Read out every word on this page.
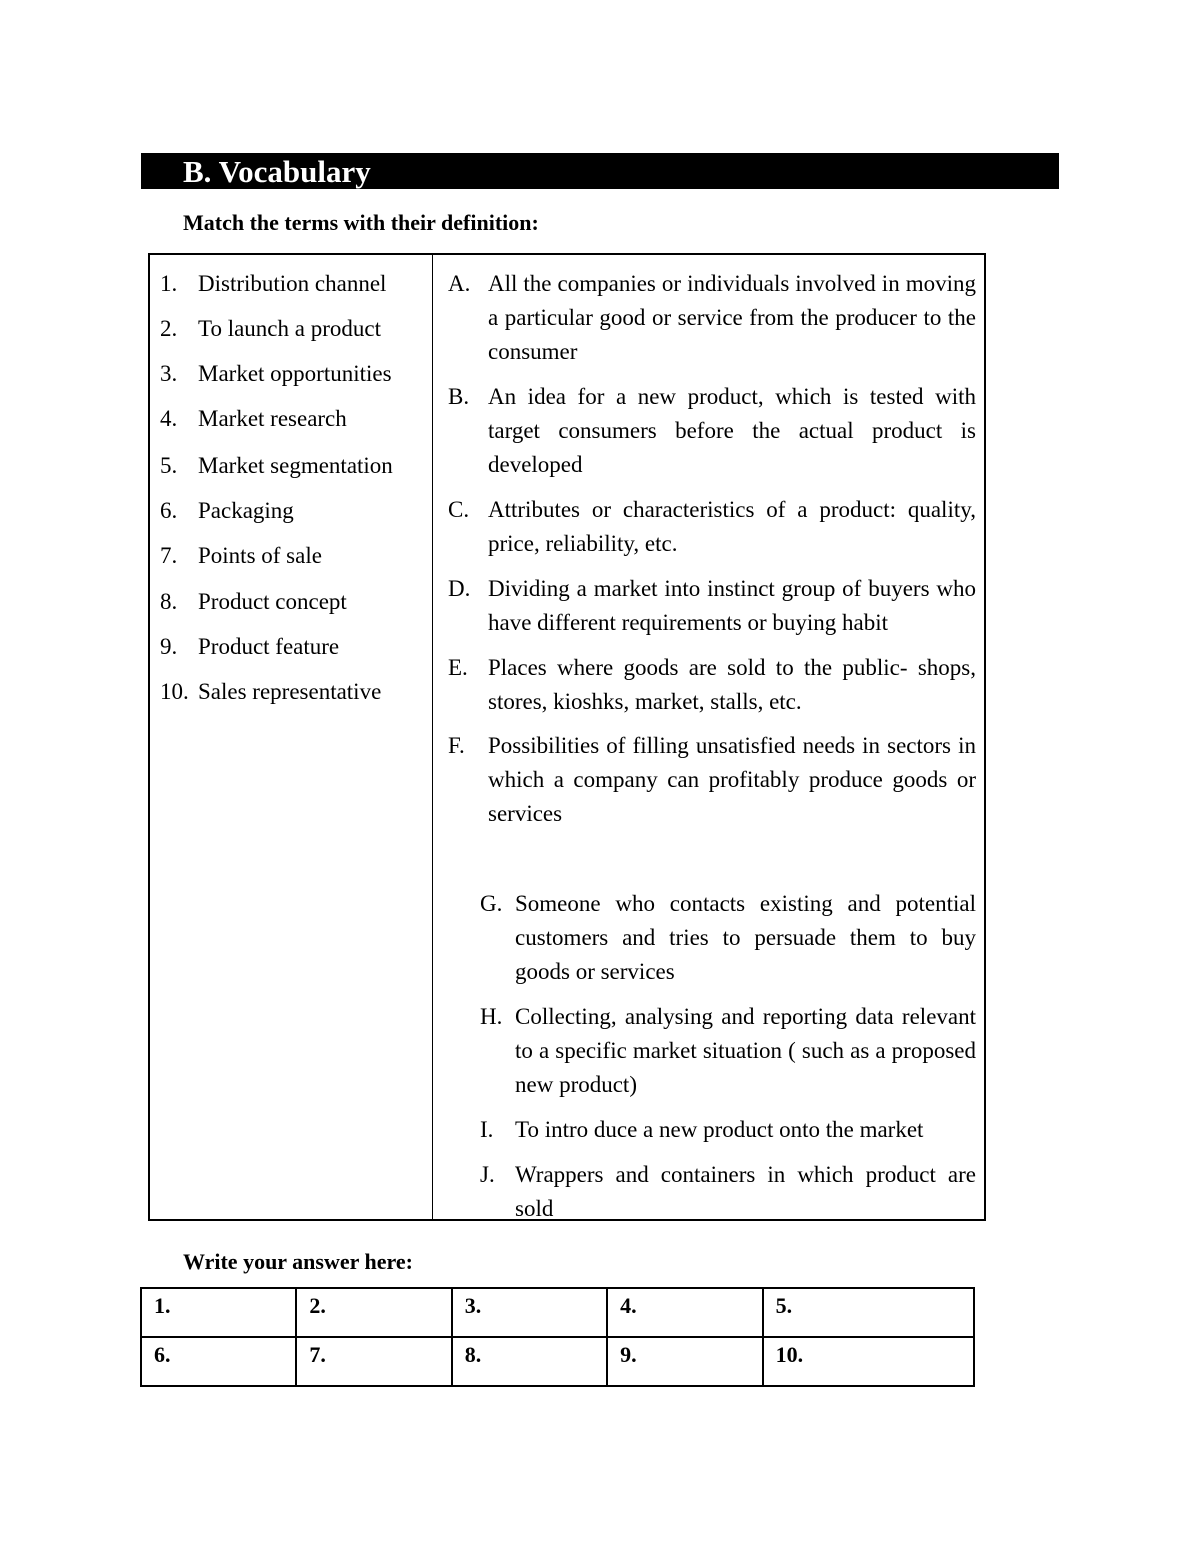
B. Vocabulary
Match the terms with their definition:
1. Distribution channel
2. To launch a product
3. Market opportunities
4. Market research
5. Market segmentation
6. Packaging
7. Points of sale
8. Product concept
9. Product feature
10. Sales representative
A. All the companies or individuals involved in moving a particular good or service from the producer to the consumer
B. An idea for a new product, which is tested with target consumers before the actual product is developed
C. Attributes or characteristics of a product: quality, price, reliability, etc.
D. Dividing a market into instinct group of buyers who have different requirements or buying habit
E. Places where goods are sold to the public- shops, stores, kioshks, market, stalls, etc.
F. Possibilities of filling unsatisfied needs in sectors in which a company can profitably produce goods or services
G. Someone who contacts existing and potential customers and tries to persuade them to buy goods or services
H. Collecting, analysing and reporting data relevant to a specific market situation ( such as a proposed new product)
I. To intro duce a new product onto the market
J. Wrappers and containers in which product are sold
Write your answer here:
1.	2.	3.	4.	5.
6.	7.	8.	9.	10.
